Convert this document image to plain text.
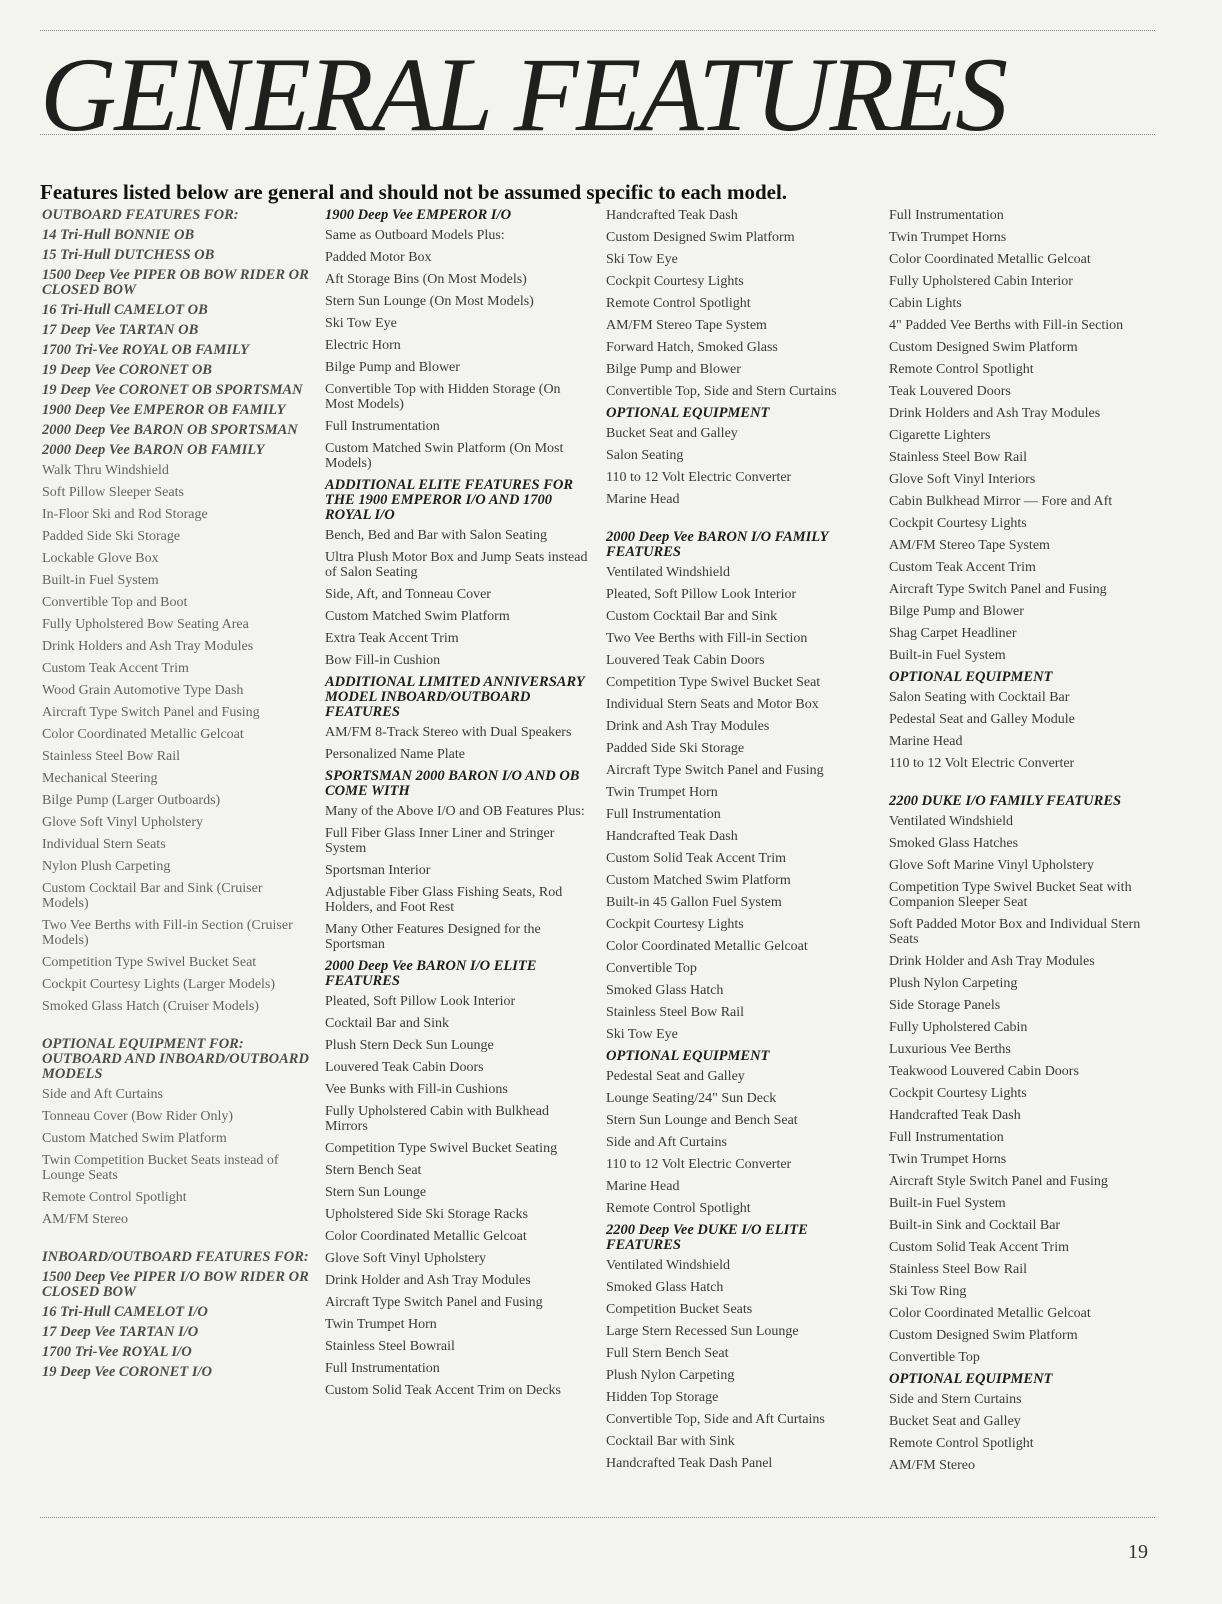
GENERAL FEATURES

Features listed below are general and should not be assumed specific to each model.

OUTBOARD FEATURES FOR:
14 Tri-Hull BONNIE OB
15 Tri-Hull DUTCHESS OB
1500 Deep Vee PIPER OB BOW RIDER OR CLOSED BOW
16 Tri-Hull CAMELOT OB
17 Deep Vee TARTAN OB
1700 Tri-Vee ROYAL OB FAMILY
19 Deep Vee CORONET OB
19 Deep Vee CORONET OB SPORTSMAN
1900 Deep Vee EMPEROR OB FAMILY
2000 Deep Vee BARON OB SPORTSMAN
2000 Deep Vee BARON OB FAMILY
Walk Thru Windshield
Soft Pillow Sleeper Seats
In-Floor Ski and Rod Storage
Padded Side Ski Storage
Lockable Glove Box
Built-in Fuel System
Convertible Top and Boot
Fully Upholstered Bow Seating Area
Drink Holders and Ash Tray Modules
Custom Teak Accent Trim
Wood Grain Automotive Type Dash
Aircraft Type Switch Panel and Fusing
Color Coordinated Metallic Gelcoat
Stainless Steel Bow Rail
Mechanical Steering
Bilge Pump (Larger Outboards)
Glove Soft Vinyl Upholstery
Individual Stern Seats
Nylon Plush Carpeting
Custom Cocktail Bar and Sink (Cruiser Models)
Two Vee Berths with Fill-in Section (Cruiser Models)
Competition Type Swivel Bucket Seat
Cockpit Courtesy Lights (Larger Models)
Smoked Glass Hatch (Cruiser Models)
OPTIONAL EQUIPMENT FOR: OUTBOARD AND INBOARD/OUTBOARD MODELS
Side and Aft Curtains
Tonneau Cover (Bow Rider Only)
Custom Matched Swim Platform
Twin Competition Bucket Seats instead of Lounge Seats
Remote Control Spotlight
AM/FM Stereo
INBOARD/OUTBOARD FEATURES FOR:
1500 Deep Vee PIPER I/O BOW RIDER OR CLOSED BOW
16 Tri-Hull CAMELOT I/O
17 Deep Vee TARTAN I/O
1700 Tri-Vee ROYAL I/O
19 Deep Vee CORONET I/O
1900 Deep Vee EMPEROR I/O
Same as Outboard Models Plus:
Padded Motor Box
Aft Storage Bins (On Most Models)
Stern Sun Lounge (On Most Models)
Ski Tow Eye
Electric Horn
Bilge Pump and Blower
Convertible Top with Hidden Storage (On Most Models)
Full Instrumentation
Custom Matched Swin Platform (On Most Models)
ADDITIONAL ELITE FEATURES FOR THE 1900 EMPEROR I/O AND 1700 ROYAL I/O
Bench, Bed and Bar with Salon Seating
Ultra Plush Motor Box and Jump Seats instead of Salon Seating
Side, Aft, and Tonneau Cover
Custom Matched Swim Platform
Extra Teak Accent Trim
Bow Fill-in Cushion
ADDITIONAL LIMITED ANNIVERSARY MODEL INBOARD/OUTBOARD FEATURES
AM/FM 8-Track Stereo with Dual Speakers
Personalized Name Plate
SPORTSMAN 2000 BARON I/O AND OB COME WITH
Many of the Above I/O and OB Features Plus:
Full Fiber Glass Inner Liner and Stringer System
Sportsman Interior
Adjustable Fiber Glass Fishing Seats, Rod Holders, and Foot Rest
Many Other Features Designed for the Sportsman
2000 Deep Vee BARON I/O ELITE FEATURES
Pleated, Soft Pillow Look Interior
Cocktail Bar and Sink
Plush Stern Deck Sun Lounge
Louvered Teak Cabin Doors
Vee Bunks with Fill-in Cushions
Fully Upholstered Cabin with Bulkhead Mirrors
Competition Type Swivel Bucket Seating
Stern Bench Seat
Stern Sun Lounge
Upholstered Side Ski Storage Racks
Color Coordinated Metallic Gelcoat
Glove Soft Vinyl Upholstery
Drink Holder and Ash Tray Modules
Aircraft Type Switch Panel and Fusing
Twin Trumpet Horn
Stainless Steel Bowrail
Full Instrumentation
Custom Solid Teak Accent Trim on Decks
Handcrafted Teak Dash
Custom Designed Swim Platform
Ski Tow Eye
Cockpit Courtesy Lights
Remote Control Spotlight
AM/FM Stereo Tape System
Forward Hatch, Smoked Glass
Bilge Pump and Blower
Convertible Top, Side and Stern Curtains
OPTIONAL EQUIPMENT
Bucket Seat and Galley
Salon Seating
110 to 12 Volt Electric Converter
Marine Head
2000 Deep Vee BARON I/O FAMILY FEATURES
Ventilated Windshield
Pleated, Soft Pillow Look Interior
Custom Cocktail Bar and Sink
Two Vee Berths with Fill-in Section
Louvered Teak Cabin Doors
Competition Type Swivel Bucket Seat
Individual Stern Seats and Motor Box
Drink and Ash Tray Modules
Padded Side Ski Storage
Aircraft Type Switch Panel and Fusing
Twin Trumpet Horn
Full Instrumentation
Handcrafted Teak Dash
Custom Solid Teak Accent Trim
Custom Matched Swim Platform
Built-in 45 Gallon Fuel System
Cockpit Courtesy Lights
Color Coordinated Metallic Gelcoat
Convertible Top
Smoked Glass Hatch
Stainless Steel Bow Rail
Ski Tow Eye
OPTIONAL EQUIPMENT
Pedestal Seat and Galley
Lounge Seating/24" Sun Deck
Stern Sun Lounge and Bench Seat
Side and Aft Curtains
110 to 12 Volt Electric Converter
Marine Head
Remote Control Spotlight
2200 Deep Vee DUKE I/O ELITE FEATURES
Ventilated Windshield
Smoked Glass Hatch
Competition Bucket Seats
Large Stern Recessed Sun Lounge
Full Stern Bench Seat
Plush Nylon Carpeting
Hidden Top Storage
Convertible Top, Side and Aft Curtains
Cocktail Bar with Sink
Handcrafted Teak Dash Panel
Full Instrumentation
Twin Trumpet Horns
Color Coordinated Metallic Gelcoat
Fully Upholstered Cabin Interior
Cabin Lights
4" Padded Vee Berths with Fill-in Section
Custom Designed Swim Platform
Remote Control Spotlight
Teak Louvered Doors
Drink Holders and Ash Tray Modules
Cigarette Lighters
Stainless Steel Bow Rail
Glove Soft Vinyl Interiors
Cabin Bulkhead Mirror — Fore and Aft
Cockpit Courtesy Lights
AM/FM Stereo Tape System
Custom Teak Accent Trim
Aircraft Type Switch Panel and Fusing
Bilge Pump and Blower
Shag Carpet Headliner
Built-in Fuel System
OPTIONAL EQUIPMENT
Salon Seating with Cocktail Bar
Pedestal Seat and Galley Module
Marine Head
110 to 12 Volt Electric Converter
2200 DUKE I/O FAMILY FEATURES
Ventilated Windshield
Smoked Glass Hatches
Glove Soft Marine Vinyl Upholstery
Competition Type Swivel Bucket Seat with Companion Sleeper Seat
Soft Padded Motor Box and Individual Stern Seats
Drink Holder and Ash Tray Modules
Plush Nylon Carpeting
Side Storage Panels
Fully Upholstered Cabin
Luxurious Vee Berths
Teakwood Louvered Cabin Doors
Cockpit Courtesy Lights
Handcrafted Teak Dash
Full Instrumentation
Twin Trumpet Horns
Aircraft Style Switch Panel and Fusing
Built-in Fuel System
Built-in Sink and Cocktail Bar
Custom Solid Teak Accent Trim
Stainless Steel Bow Rail
Ski Tow Ring
Color Coordinated Metallic Gelcoat
Custom Designed Swim Platform
Convertible Top
OPTIONAL EQUIPMENT
Side and Stern Curtains
Bucket Seat and Galley
Remote Control Spotlight
AM/FM Stereo
19
